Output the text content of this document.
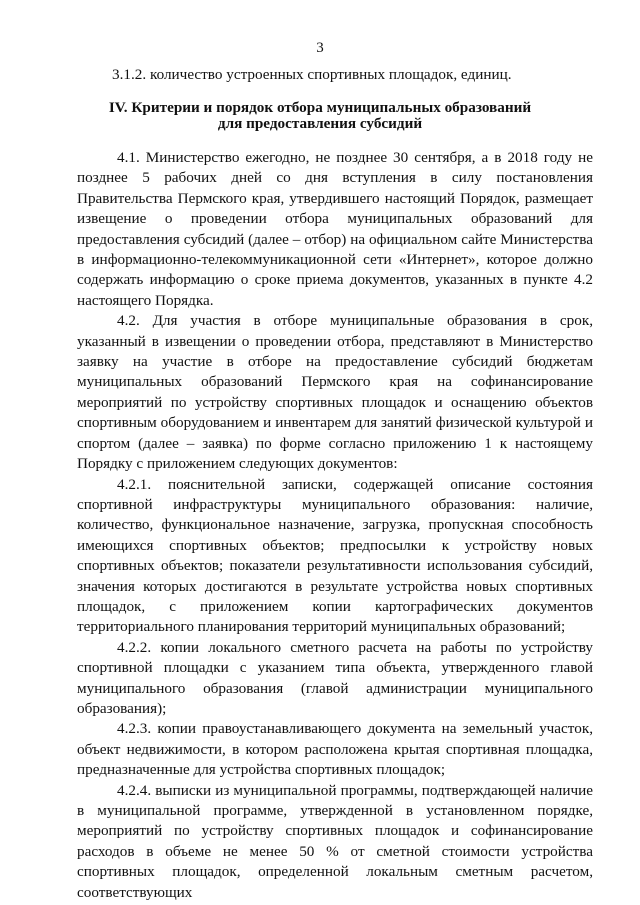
3
3.1.2. количество устроенных спортивных площадок, единиц.
IV. Критерии и порядок отбора муниципальных образований
для предоставления субсидий

4.1. Министерство ежегодно, не позднее 30 сентября, а в 2018 году не позднее 5 рабочих дней со дня вступления в силу постановления Правительства Пермского края, утвердившего настоящий Порядок, размещает извещение о проведении отбора муниципальных образований для предоставления субсидий (далее – отбор) на официальном сайте Министерства в информационно-телекоммуникационной сети «Интернет», которое должно содержать информацию о сроке приема документов, указанных в пункте 4.2 настоящего Порядка.

4.2. Для участия в отборе муниципальные образования в срок, указанный в извещении о проведении отбора, представляют в Министерство заявку на участие в отборе на предоставление субсидий бюджетам муниципальных образований Пермского края на софинансирование мероприятий по устройству спортивных площадок и оснащению объектов спортивным оборудованием и инвентарем для занятий физической культурой и спортом (далее – заявка) по форме согласно приложению 1 к настоящему Порядку с приложением следующих документов:

4.2.1. пояснительной записки, содержащей описание состояния спортивной инфраструктуры муниципального образования: наличие, количество, функциональное назначение, загрузка, пропускная способность имеющихся спортивных объектов; предпосылки к устройству новых спортивных объектов; показатели результативности использования субсидий, значения которых достигаются в результате устройства новых спортивных площадок, с приложением копии картографических документов территориального планирования территорий муниципальных образований;

4.2.2. копии локального сметного расчета на работы по устройству спортивной площадки с указанием типа объекта, утвержденного главой муниципального образования (главой администрации муниципального образования);

4.2.3. копии правоустанавливающего документа на земельный участок, объект недвижимости, в котором расположена крытая спортивная площадка, предназначенные для устройства спортивных площадок;

4.2.4. выписки из муниципальной программы, подтверждающей наличие в муниципальной программе, утвержденной в установленном порядке, мероприятий по устройству спортивных площадок и софинансирование расходов в объеме не менее 50 % от сметной стоимости устройства спортивных площадок, определенной локальным сметным расчетом, соответствующих
